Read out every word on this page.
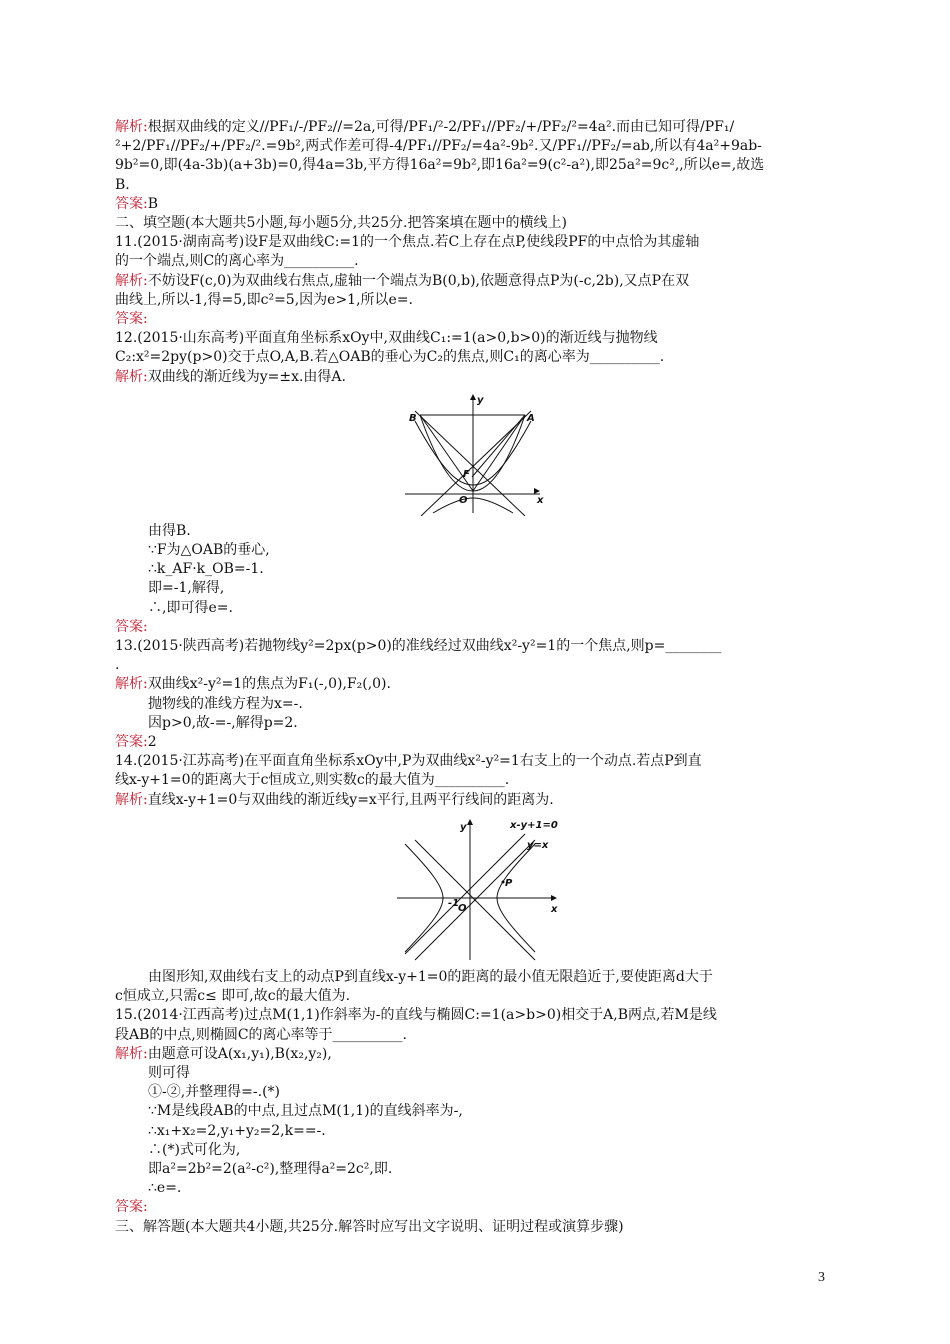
解析:根据双曲线的定义//PF₁/-/PF₂//=2a,可得/PF₁/²-2/PF₁//PF₂/+/PF₂/²=4a².而由已知可得/PF₁/

²+2/PF₁//PF₂/+/PF₂/².=9b²,两式作差可得-4/PF₁//PF₂/=4a²-9b².又/PF₁//PF₂/=ab,所以有4a²+9ab-

9b²=0,即(4a-3b)(a+3b)=0,得4a=3b,平方得16a²=9b²,即16a²=9(c²-a²),即25a²=9c²,,所以e=,故选

B.

答案:B

二、填空题(本大题共5小题,每小题5分,共25分.把答案填在题中的横线上)

11.(2015·湖南高考)设F是双曲线C:=1的一个焦点.若C上存在点P,使线段PF的中点恰为其虚轴

的一个端点,则C的离心率为__________.

解析:不妨设F(c,0)为双曲线右焦点,虚轴一个端点为B(0,b),依题意得点P为(-c,2b),又点P在双

曲线上,所以-1,得=5,即c²=5,因为e>1,所以e=.

答案:

12.(2015·山东高考)平面直角坐标系xOy中,双曲线C₁:=1(a>0,b>0)的渐近线与抛物线

C₂:x²=2py(p>0)交于点O,A,B.若△OAB的垂心为C₂的焦点,则C₁的离心率为__________.

解析:双曲线的渐近线为y=±x.由得A.

y
x
A
B
F
O

由得B.

∵F为△OAB的垂心,

∴k_AF·k_OB=-1.

即=-1,解得,

∴,即可得e=.

答案:

13.(2015·陕西高考)若抛物线y²=2px(p>0)的准线经过双曲线x²-y²=1的一个焦点,则p=________

.

解析:双曲线x²-y²=1的焦点为F₁(-,0),F₂(,0).

抛物线的准线方程为x=-.

因p>0,故-=-,解得p=2.

答案:2

14.(2015·江苏高考)在平面直角坐标系xOy中,P为双曲线x²-y²=1右支上的一个动点.若点P到直

线x-y+1=0的距离大于c恒成立,则实数c的最大值为__________.

解析:直线x-y+1=0与双曲线的渐近线y=x平行,且两平行线间的距离为.

y
x
x-y+1=0
y=x
P
O
-1

由图形知,双曲线右支上的动点P到直线x-y+1=0的距离的最小值无限趋近于,要使距离d大于

c恒成立,只需c≤ 即可,故c的最大值为.

15.(2014·江西高考)过点M(1,1)作斜率为-的直线与椭圆C:=1(a>b>0)相交于A,B两点,若M是线

段AB的中点,则椭圆C的离心率等于__________.

解析:由题意可设A(x₁,y₁),B(x₂,y₂),

则可得

①-②,并整理得=-.(*)

∵M是线段AB的中点,且过点M(1,1)的直线斜率为-,

∴x₁+x₂=2,y₁+y₂=2,k==-.

∴(*)式可化为,

即a²=2b²=2(a²-c²),整理得a²=2c²,即.

∴e=.

答案:

三、解答题(本大题共4小题,共25分.解答时应写出文字说明、证明过程或演算步骤)

3
